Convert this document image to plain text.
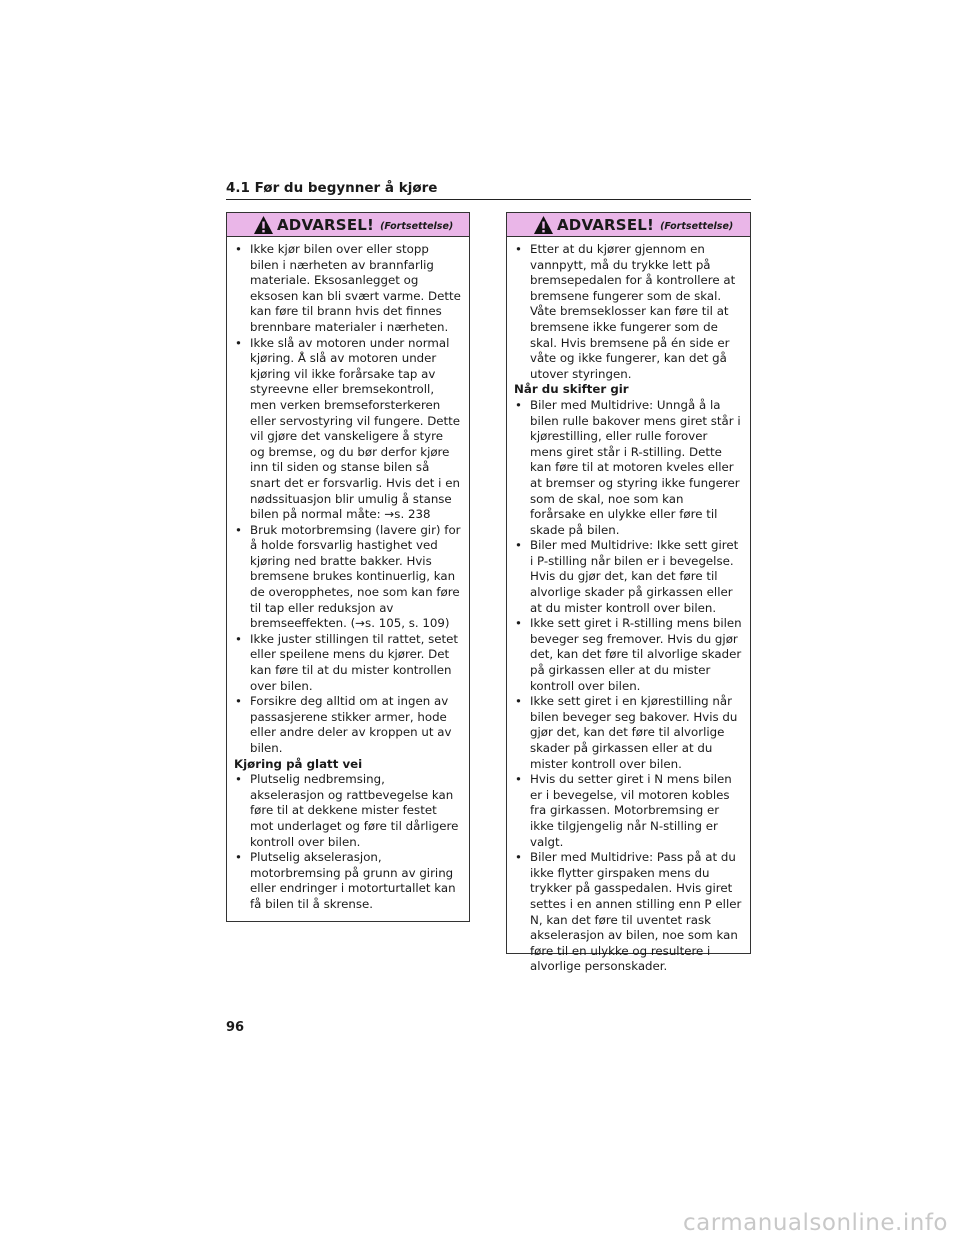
4.1 Før du begynner å kjøre
ADVARSEL! (Fortsettelse)
• Ikke kjør bilen over eller stopp bilen i nærheten av brannfarlig materiale. Eksosanlegget og eksosen kan bli svært varme. Dette kan føre til brann hvis det finnes brennbare materialer i nærheten.
• Ikke slå av motoren under normal kjøring. Å slå av motoren under kjøring vil ikke forårsake tap av styreevne eller bremsekontroll, men verken bremseforsterkeren eller servostyring vil fungere. Dette vil gjøre det vanskeligere å styre og bremse, og du bør derfor kjøre inn til siden og stanse bilen så snart det er forsvarlig. Hvis det i en nødssituasjon blir umulig å stanse bilen på normal måte: →s. 238
• Bruk motorbremsing (lavere gir) for å holde forsvarlig hastighet ved kjøring ned bratte bakker. Hvis bremsene brukes kontinuerlig, kan de overopphetes, noe som kan føre til tap eller reduksjon av bremseeffekten. (→s. 105, s. 109)
• Ikke juster stillingen til rattet, setet eller speilene mens du kjører. Det kan føre til at du mister kontrollen over bilen.
• Forsikre deg alltid om at ingen av passasjerene stikker armer, hode eller andre deler av kroppen ut av bilen.
Kjøring på glatt vei
• Plutselig nedbremsing, akselerasjon og rattbevegelse kan føre til at dekkene mister festet mot underlaget og føre til dårligere kontroll over bilen.
• Plutselig akselerasjon, motorbremsing på grunn av giring eller endringer i motorturtallet kan få bilen til å skrense.
ADVARSEL! (Fortsettelse)
• Etter at du kjører gjennom en vannpytt, må du trykke lett på bremsepedalen for å kontrollere at bremsene fungerer som de skal. Våte bremseklosser kan føre til at bremsene ikke fungerer som de skal. Hvis bremsene på én side er våte og ikke fungerer, kan det gå utover styringen.
Når du skifter gir
• Biler med Multidrive: Unngå å la bilen rulle bakover mens giret står i kjørestilling, eller rulle forover mens giret står i R-stilling. Dette kan føre til at motoren kveles eller at bremser og styring ikke fungerer som de skal, noe som kan forårsake en ulykke eller føre til skade på bilen.
• Biler med Multidrive: Ikke sett giret i P-stilling når bilen er i bevegelse. Hvis du gjør det, kan det føre til alvorlige skader på girkassen eller at du mister kontroll over bilen.
• Ikke sett giret i R-stilling mens bilen beveger seg fremover. Hvis du gjør det, kan det føre til alvorlige skader på girkassen eller at du mister kontroll over bilen.
• Ikke sett giret i en kjørestilling når bilen beveger seg bakover. Hvis du gjør det, kan det føre til alvorlige skader på girkassen eller at du mister kontroll over bilen.
• Hvis du setter giret i N mens bilen er i bevegelse, vil motoren kobles fra girkassen. Motorbremsing er ikke tilgjengelig når N-stilling er valgt.
• Biler med Multidrive: Pass på at du ikke flytter girspaken mens du trykker på gasspedalen. Hvis giret settes i en annen stilling enn P eller N, kan det føre til uventet rask akselerasjon av bilen, noe som kan føre til en ulykke og resultere i alvorlige personskader.
96
carmanualsonline.info
